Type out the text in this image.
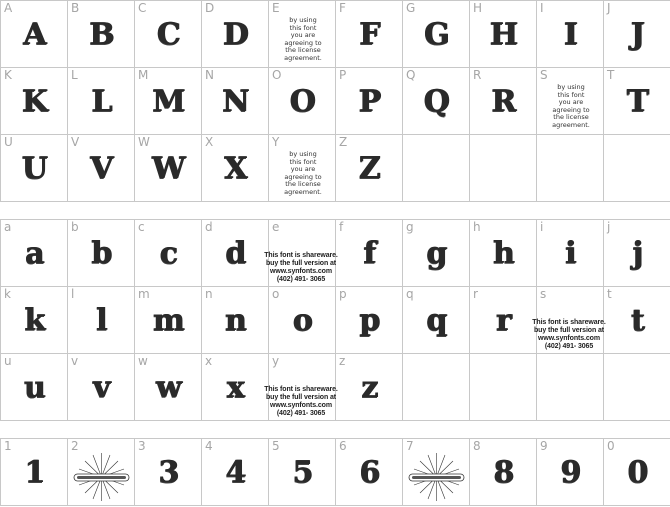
A
A
B
B
C
C
D
D
E
by using this font you are agreeing to the license agreement.
F
F
G
G
H
H
I
I
J
J
K
K
L
L
M
M
N
N
O
O
P
P
Q
Q
R
R
S
by using this font you are agreeing to the license agreement.
T
T
U
U
V
V
W
W
X
X
Y
by using this font you are agreeing to the license agreement.
Z
Z
a
a
b
b
c
c
d
d
e
This font is shareware.
buy the full version at
www.synfonts.com
(402) 491- 3065
f
f
g
g
h
h
i
i
j
j
k
k
l
l
m
m
n
n
o
o
p
p
q
q
r
r
s
This font is shareware.
buy the full version at
www.synfonts.com
(402) 491- 3065
t
t
u
u
v
v
w
w
x
x
y
This font is shareware.
buy the full version at
www.synfonts.com
(402) 491- 3065
z
z
1
1
2	3
3
4
4
5
5
6
6
7	8
8
9
9
0
0
